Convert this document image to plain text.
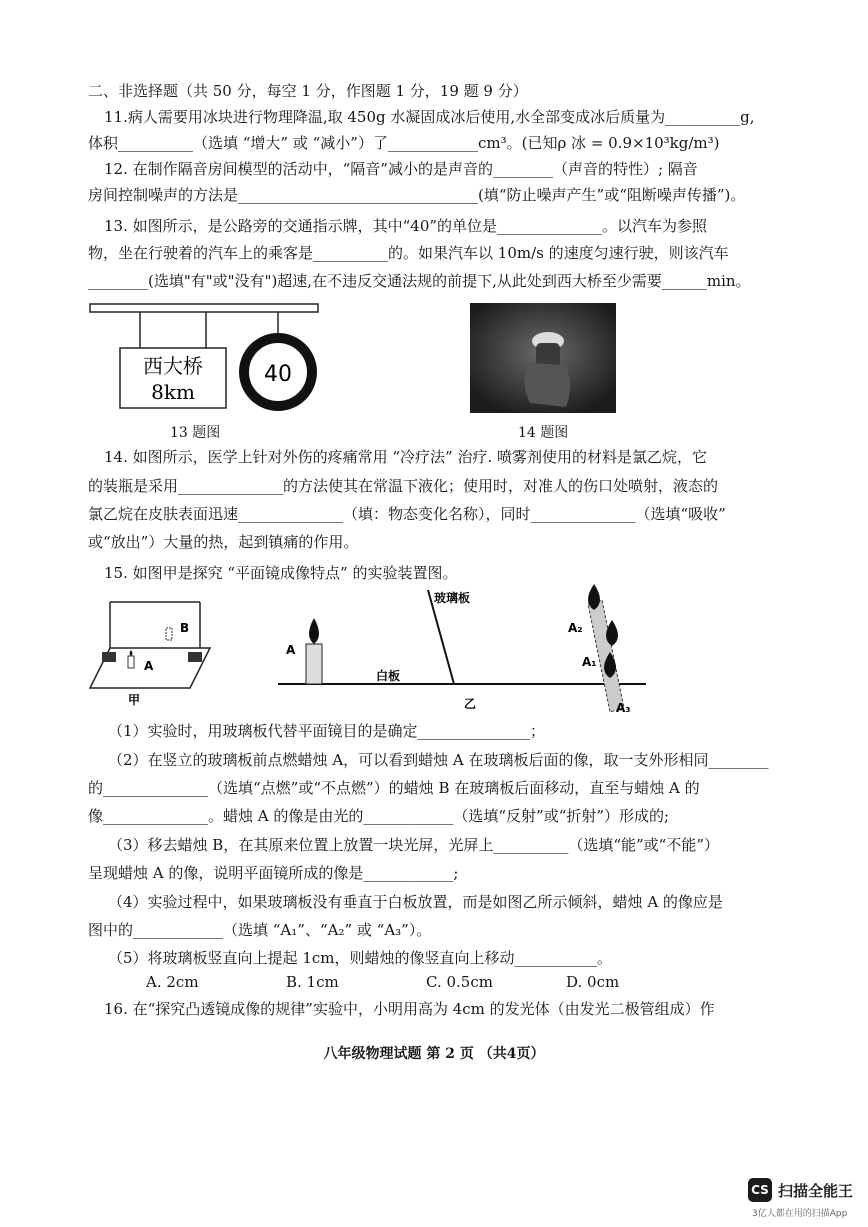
二、非选择题（共 50 分，每空 1 分，作图题 1 分，19 题 9 分）
11.病人需要用冰块进行物理降温,取 450g 水凝固成冰后使用,水全部变成冰后质量为__________g,
体积__________（选填 “增大” 或 “减小”）了____________cm³。(已知ρ 冰 = 0.9×10³kg/m³)
12. 在制作隔音房间模型的活动中，“隔音”减小的是声音的________（声音的特性）; 隔音
房间控制噪声的方法是________________________________(填“防止噪声产生”或“阻断噪声传播”)。
13. 如图所示，是公路旁的交通指示牌，其中“40”的单位是______________。以汽车为参照
物，坐在行驶着的汽车上的乘客是__________的。如果汽车以 10m/s 的速度匀速行驶，则该汽车
________(选填"有"或"没有")超速,在不违反交通法规的前提下,从此处到西大桥至少需要______min。
西大桥
8km
40
13 题图	14 题图
14. 如图所示，医学上针对外伤的疼痛常用 “冷疗法” 治疗. 喷雾剂使用的材料是氯乙烷，它
的装瓶是采用______________的方法使其在常温下液化；使用时，对准人的伤口处喷射，液态的
氯乙烷在皮肤表面迅速______________（填：物态变化名称），同时______________（选填“吸收”
或“放出”）大量的热，起到镇痛的作用。
15. 如图甲是探究 “平面镜成像特点” 的实验装置图。
B
A
甲
A
玻璃板
白板
乙
A₂
A₁
A₃
（1）实验时，用玻璃板代替平面镜目的是确定_______________；
（2）在竖立的玻璃板前点燃蜡烛 A，可以看到蜡烛 A 在玻璃板后面的像，取一支外形相同________
的______________（选填“点燃”或“不点燃”）的蜡烛 B 在玻璃板后面移动，直至与蜡烛 A 的
像______________。蜡烛 A 的像是由光的____________（选填“反射”或“折射”）形成的;
（3）移去蜡烛 B，在其原来位置上放置一块光屏，光屏上__________（选填“能”或“不能”）
呈现蜡烛 A 的像，说明平面镜所成的像是____________;
（4）实验过程中，如果玻璃板没有垂直于白板放置，而是如图乙所示倾斜，蜡烛 A 的像应是
图中的____________（选填 “A₁”、“A₂” 或 “A₃”）。
（5）将玻璃板竖直向上提起 1cm，则蜡烛的像竖直向上移动___________。
A. 2cm	B. 1cm	C. 0.5cm	D. 0cm
16. 在“探究凸透镜成像的规律”实验中，小明用高为 4cm 的发光体（由发光二极管组成）作
八年级物理试题 第 2 页 （共4页）
CS 扫描全能王
3亿人都在用的扫描App
